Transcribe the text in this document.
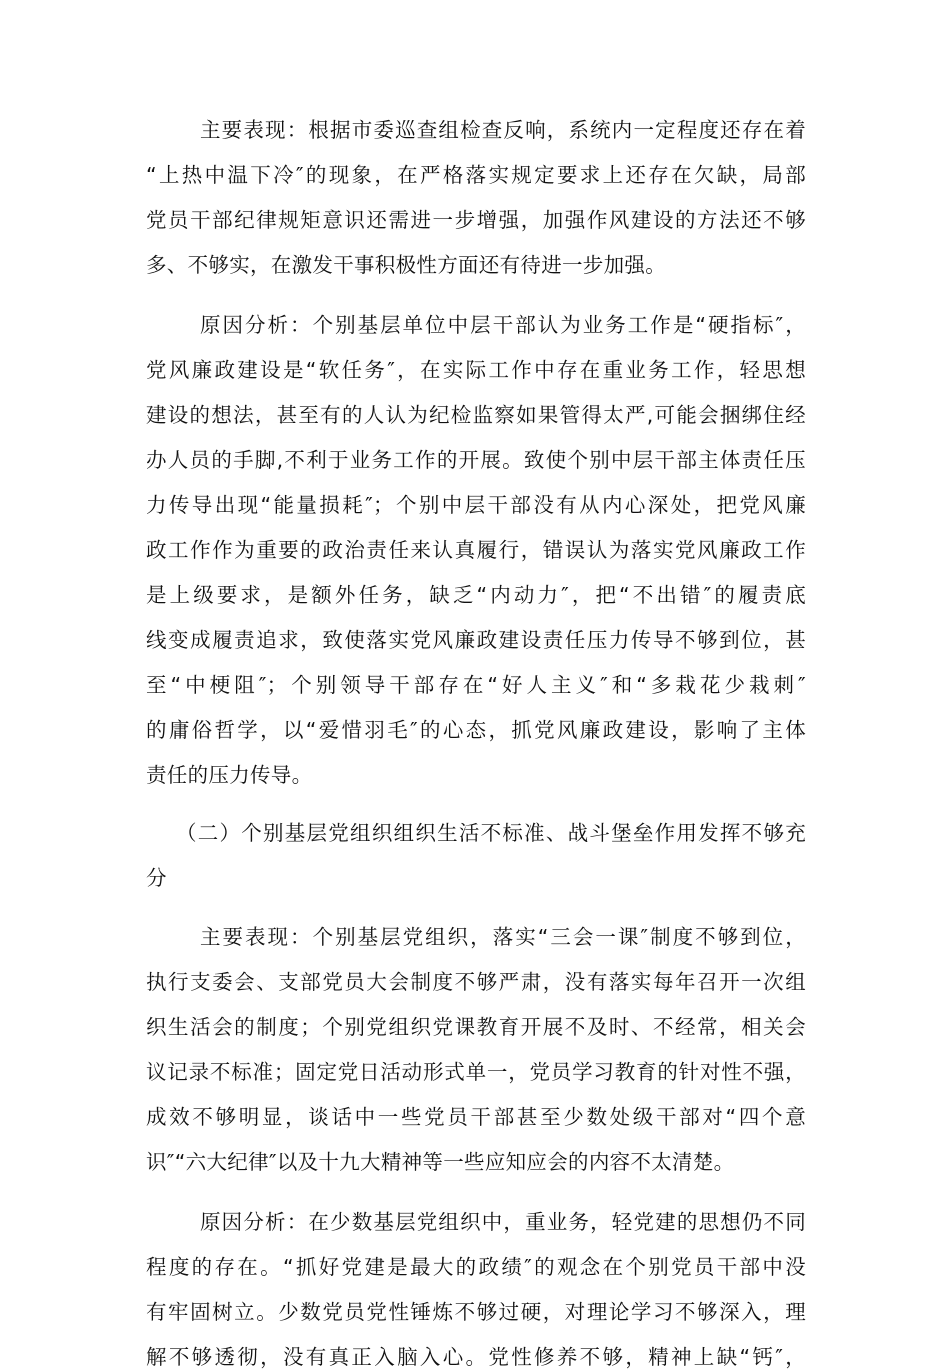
主要表现：根据市委巡查组检查反响，系统内一定程度还存在着
“上热中温下冷″的现象，在严格落实规定要求上还存在欠缺，局部
党员干部纪律规矩意识还需进一步增强，加强作风建设的方法还不够
多、不够实，在激发干事积极性方面还有待进一步加强。
原因分析：个别基层单位中层干部认为业务工作是“硬指标″，
党风廉政建设是“软任务″，在实际工作中存在重业务工作，轻思想
建设的想法，甚至有的人认为纪检监察如果管得太严,可能会捆绑住经
办人员的手脚,不利于业务工作的开展。致使个别中层干部主体责任压
力传导出现“能量损耗″；个别中层干部没有从内心深处，把党风廉
政工作作为重要的政治责任来认真履行，错误认为落实党风廉政工作
是上级要求，是额外任务，缺乏“内动力″，把“不出错″的履责底
线变成履责追求，致使落实党风廉政建设责任压力传导不够到位，甚
至“中梗阻″；个别领导干部存在“好人主义″和“多栽花少栽刺″
的庸俗哲学，以“爱惜羽毛″的心态，抓党风廉政建设，影响了主体
责任的压力传导。
（二）个别基层党组织组织生活不标准、战斗堡垒作用发挥不够充
分
主要表现：个别基层党组织，落实“三会一课″制度不够到位，
执行支委会、支部党员大会制度不够严肃，没有落实每年召开一次组
织生活会的制度；个别党组织党课教育开展不及时、不经常，相关会
议记录不标准；固定党日活动形式单一，党员学习教育的针对性不强，
成效不够明显，谈话中一些党员干部甚至少数处级干部对“四个意
识″“六大纪律″以及十九大精神等一些应知应会的内容不太清楚。
原因分析：在少数基层党组织中，重业务，轻党建的思想仍不同
程度的存在。“抓好党建是最大的政绩″的观念在个别党员干部中没
有牢固树立。少数党员党性锤炼不够过硬，对理论学习不够深入，理
解不够透彻，没有真正入脑入心。党性修养不够，精神上缺“钙″，
